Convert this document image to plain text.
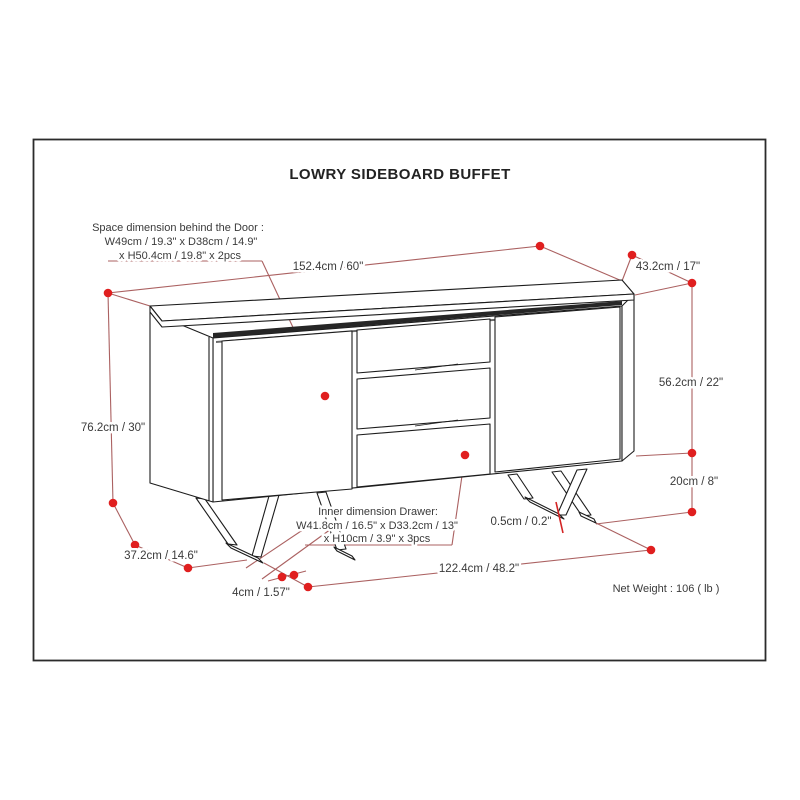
LOWRY SIDEBOARD BUFFET
Space dimension behind the Door :
W49cm / 19.3" x D38cm / 14.9"
x H50.4cm / 19.8" x 2pcs
152.4cm / 60"	43.2cm / 17"
56.2cm / 22"
20cm / 8"
76.2cm / 30"
37.2cm / 14.6"
4cm / 1.57"
122.4cm / 48.2"
Inner dimension Drawer:
W41.8cm / 16.5" x D33.2cm / 13"
x H10cm / 3.9" x 3pcs
0.5cm / 0.2"
Net Weight : 106 ( lb )
